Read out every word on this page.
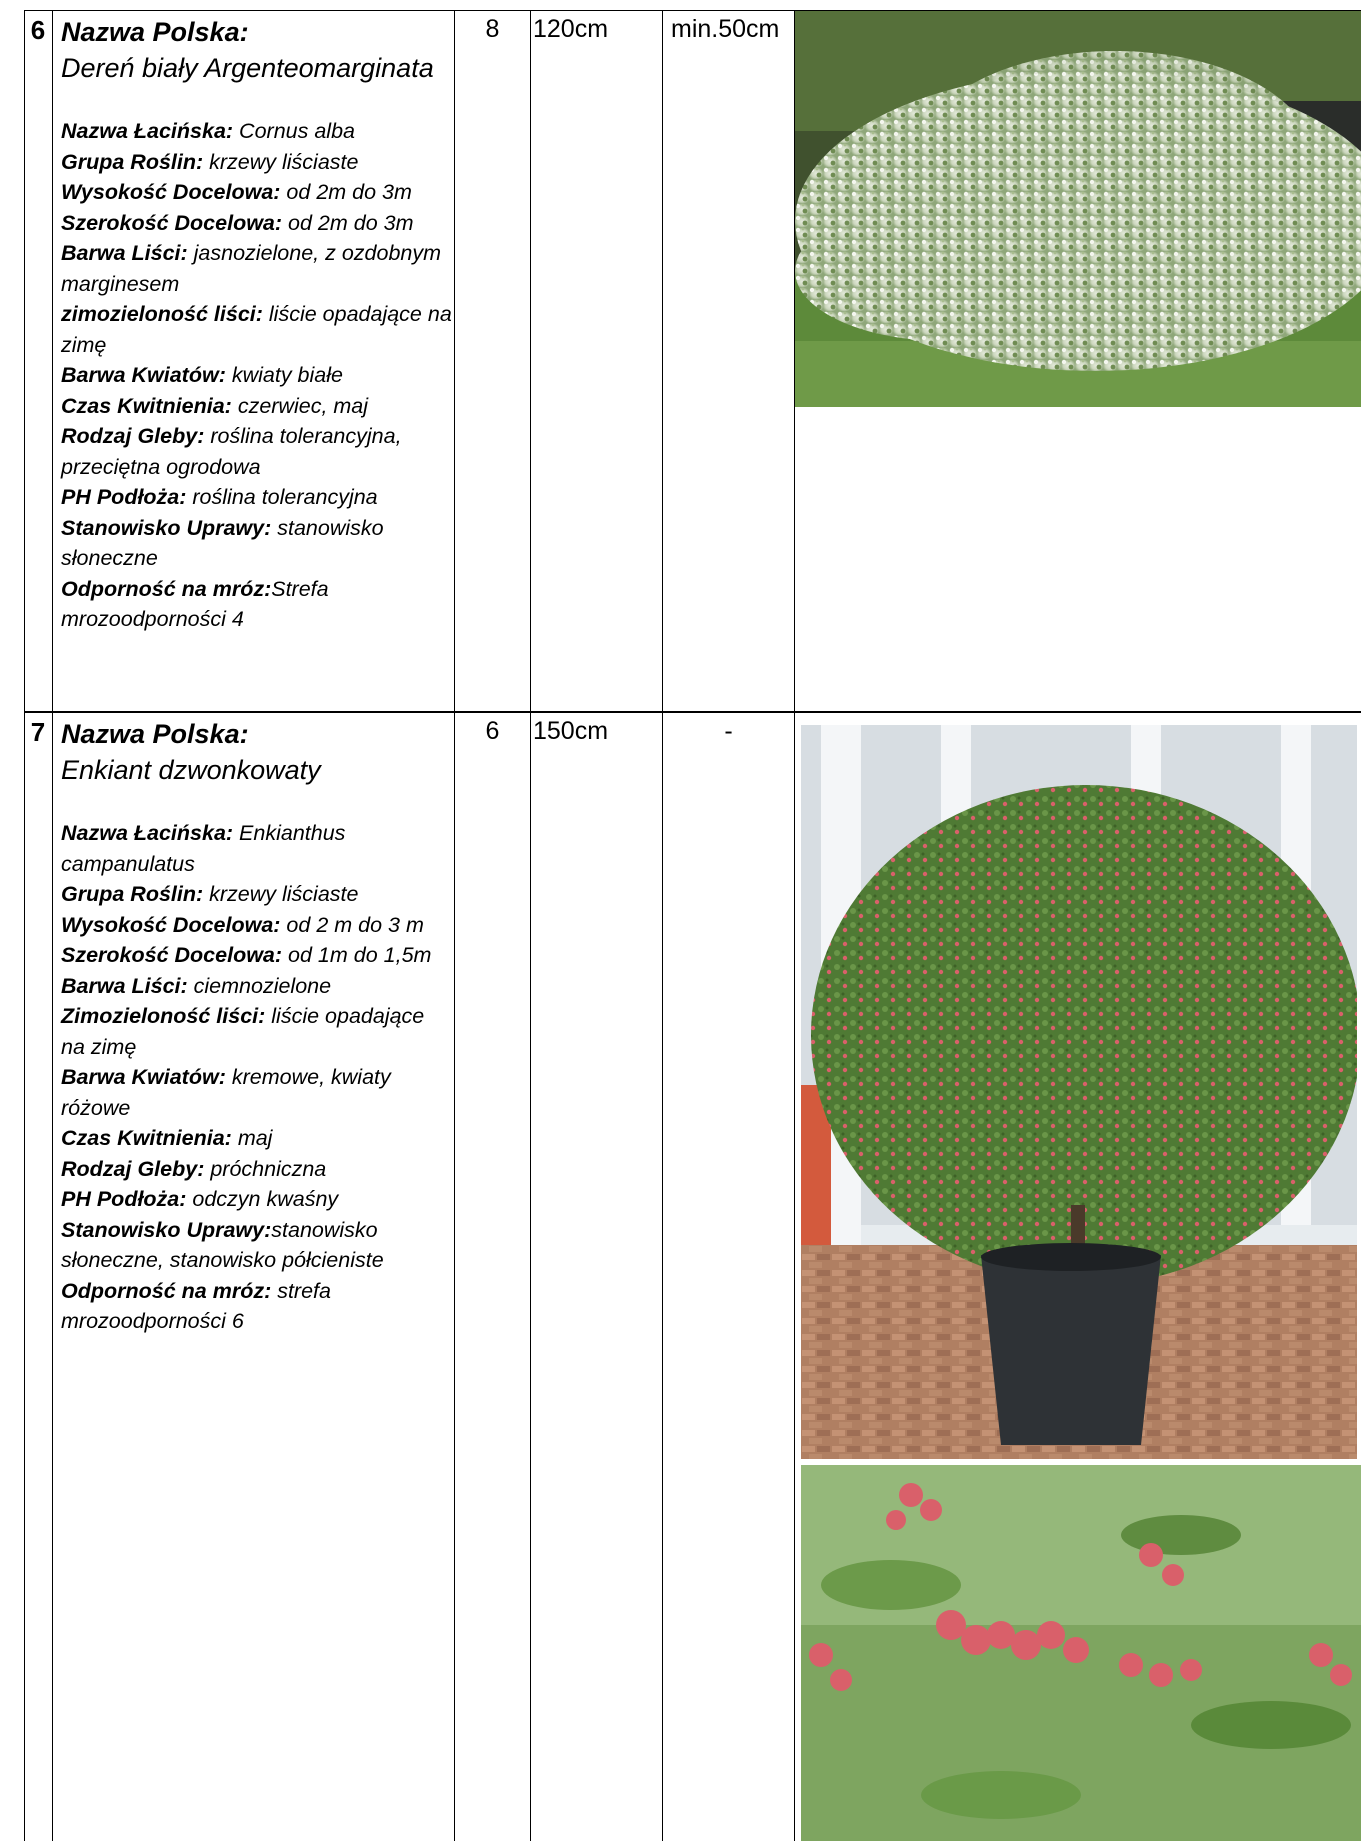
6 Nazwa Polska:
Dereń biały Argenteomarginata
Nazwa Łacińska: Cornus alba
Grupa Roślin: krzewy liściaste
Wysokość Docelowa: od 2m do 3m
Szerokość Docelowa: od 2m do 3m
Barwa Liści: jasnozielone, z ozdobnym marginesem
zimozieloność liści: liście opadające na zimę
Barwa Kwiatów: kwiaty białe
Czas Kwitnienia: czerwiec, maj
Rodzaj Gleby: roślina tolerancyjna, przeciętna ogrodowa
PH Podłoża: roślina tolerancyjna
Stanowisko Uprawy: stanowisko słoneczne
Odporność na mróz:Strefa mrozoodporności 4
8	120cm	min.50cm
7 Nazwa Polska:
Enkiant dzwonkowaty
Nazwa Łacińska: Enkianthus campanulatus
Grupa Roślin: krzewy liściaste
Wysokość Docelowa: od 2 m do 3 m
Szerokość Docelowa: od 1m do 1,5m
Barwa Liści: ciemnozielone
Zimozieloność liści: liście opadające na zimę
Barwa Kwiatów: kremowe, kwiaty różowe
Czas Kwitnienia: maj
Rodzaj Gleby: próchniczna
PH Podłoża: odczyn kwaśny
Stanowisko Uprawy:stanowisko słoneczne, stanowisko półcieniste
Odporność na mróz: strefa mrozoodporności 6
6	150cm	-
